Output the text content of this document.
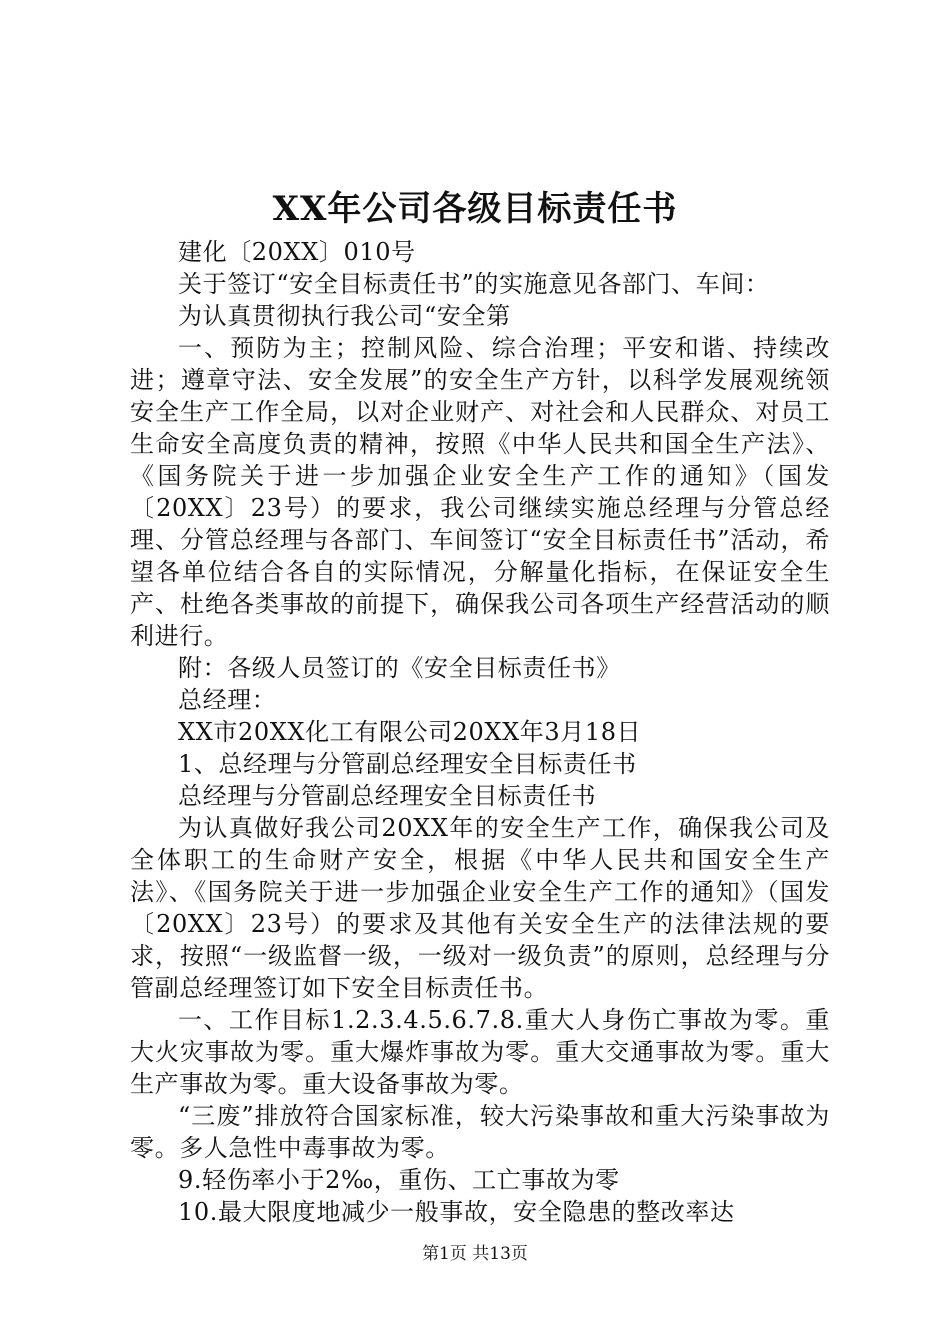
XX年公司各级目标责任书

建化〔20XX〕010号

关于签订“安全目标责任书”的实施意见各部门、车间：

为认真贯彻执行我公司“安全第

一、预防为主；控制风险、综合治理；平安和谐、持续改进；遵章守法、安全发展”的安全生产方针，以科学发展观统领安全生产工作全局，以对企业财产、对社会和人民群众、对员工生命安全高度负责的精神，按照《中华人民共和国全生产法》、《国务院关于进一步加强企业安全生产工作的通知》（国发〔20XX〕23号）的要求，我公司继续实施总经理与分管总经理、分管总经理与各部门、车间签订“安全目标责任书”活动，希望各单位结合各自的实际情况，分解量化指标，在保证安全生产、杜绝各类事故的前提下，确保我公司各项生产经营活动的顺利进行。

附：各级人员签订的《安全目标责任书》

总经理：

XX市20XX化工有限公司20XX年3月18日

1、总经理与分管副总经理安全目标责任书

总经理与分管副总经理安全目标责任书

为认真做好我公司20XX年的安全生产工作，确保我公司及全体职工的生命财产安全，根据《中华人民共和国安全生产法》、《国务院关于进一步加强企业安全生产工作的通知》（国发〔20XX〕23号）的要求及其他有关安全生产的法律法规的要求，按照“一级监督一级，一级对一级负责”的原则，总经理与分管副总经理签订如下安全目标责任书。

一、工作目标1.2.3.4.5.6.7.8.重大人身伤亡事故为零。重大火灾事故为零。重大爆炸事故为零。重大交通事故为零。重大生产事故为零。重大设备事故为零。

“三废”排放符合国家标准，较大污染事故和重大污染事故为零。多人急性中毒事故为零。

9.轻伤率小于2‰，重伤、工亡事故为零

10.最大限度地减少一般事故，安全隐患的整改率达

第1页 共13页
